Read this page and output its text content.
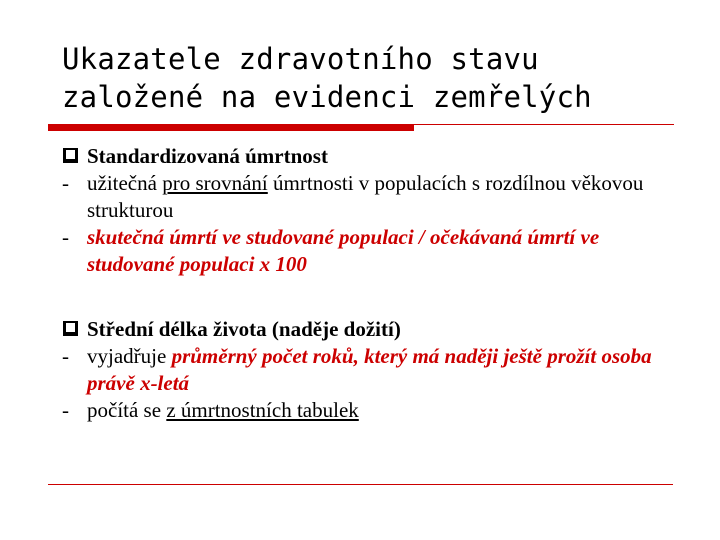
Ukazatele zdravotního stavu
založené na evidenci zemřelých
Standardizovaná úmrtnost
- užitečná pro srovnání úmrtnosti v populacích s rozdílnou věkovou strukturou
- skutečná úmrtí ve studované populaci / očekávaná úmrtí ve studované populaci x 100
Střední délka života (naděje dožití)
- vyjadřuje průměrný počet roků, který má naději ještě prožít osoba právě x-letá
- počítá se z úmrtnostních tabulek
